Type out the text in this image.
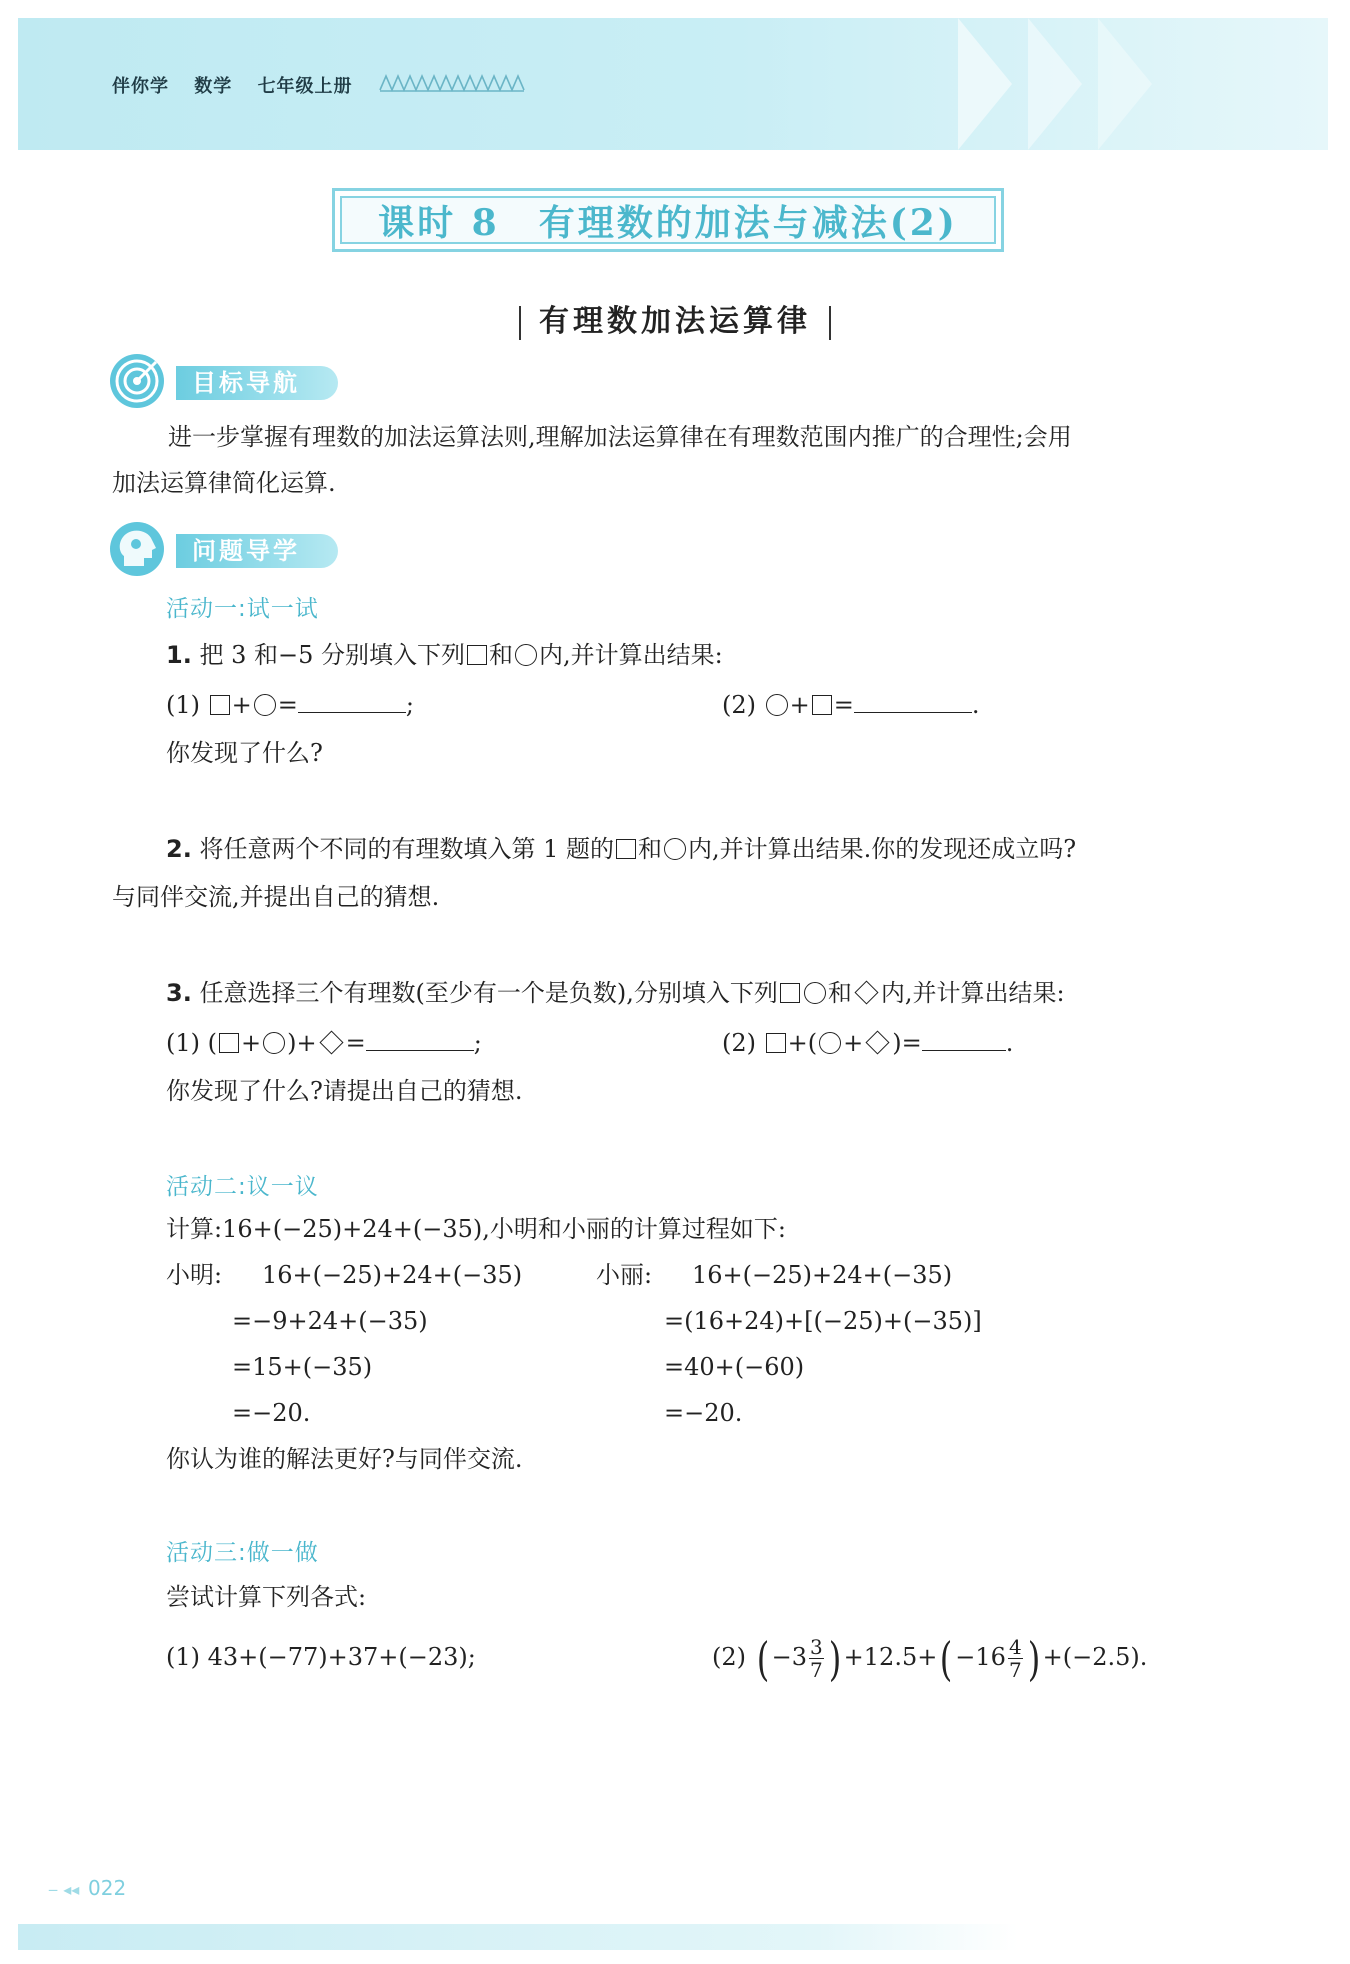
伴你学 数学 七年级上册
课时 8　有理数的加法与减法(2)
有理数加法运算律
目标导航
进一步掌握有理数的加法运算法则,理解加法运算律在有理数范围内推广的合理性;会用
加法运算律简化运算.
问题导学
活动一:试一试
1. 把 3 和−5 分别填入下列 和 内,并计算出结果:
(1) + =	;	(2) + =	.
你发现了什么?
2. 将任意两个不同的有理数填入第 1 题的 和 内,并计算出结果.你的发现还成立吗?
与同伴交流,并提出自己的猜想.
3. 任意选择三个有理数(至少有一个是负数),分别填入下列 和 内,并计算出结果:
(1) ( + )+ =	;	(2) +( + )=	.
你发现了什么?请提出自己的猜想.
活动二:议一议
计算:16+(−25)+24+(−35),小明和小丽的计算过程如下:
小明: 16+(−25)+24+(−35)
=−9+24+(−35)
=15+(−35)
=−20.
小丽: 16+(−25)+24+(−35)
=(16+24)+[(−25)+(−35)]
=40+(−60)
=−20.
你认为谁的解法更好?与同伴交流.
活动三:做一做
尝试计算下列各式:
(1) 43+(−77)+37+(−23);	(2) ( $-3 \frac{3}{7}$ ) $+12.5+( -16 \frac{4}{7}$ ) +(−2.5).
‒ ◂◂ 022
